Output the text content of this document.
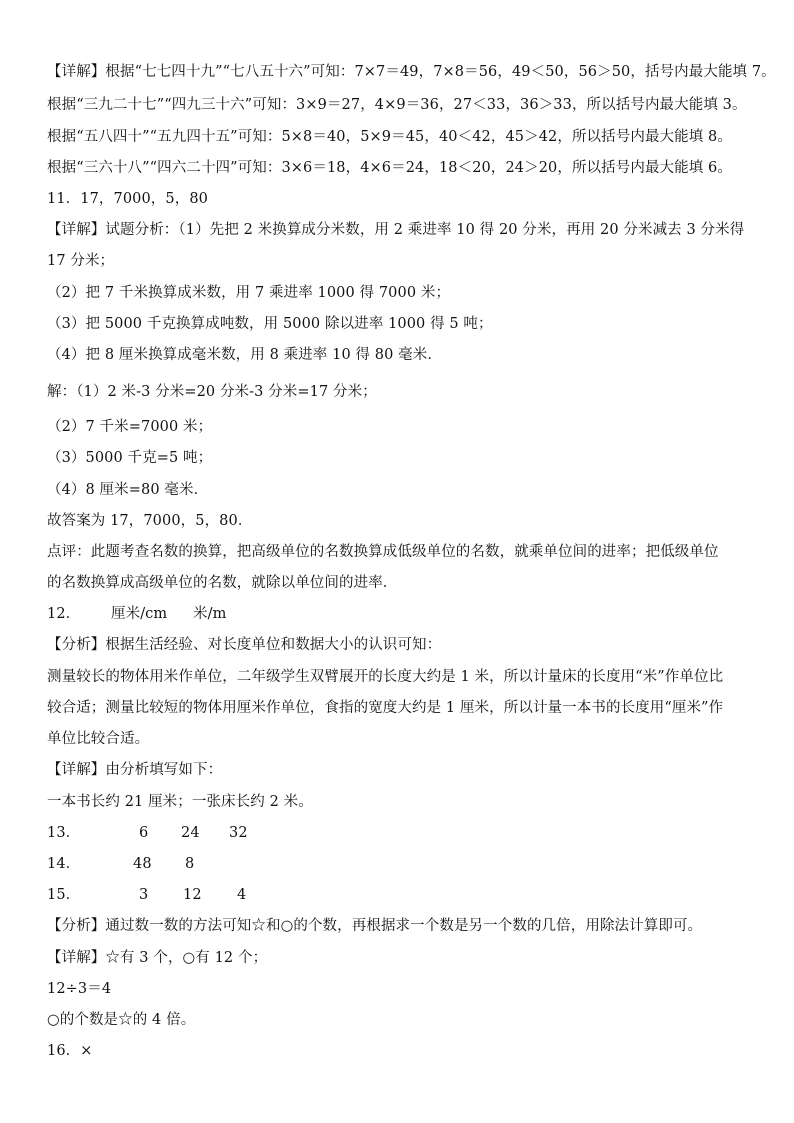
【详解】根据“七七四十九”“七八五十六”可知：7×7＝49，7×8＝56，49＜50，56＞50，括号内最大能填 7。
根据“三九二十七”“四九三十六”可知：3×9＝27，4×9＝36，27＜33，36＞33，所以括号内最大能填 3。
根据“五八四十”“五九四十五”可知：5×8＝40，5×9＝45，40＜42，45＞42，所以括号内最大能填 8。
根据“三六十八”“四六二十四”可知：3×6＝18，4×6＝24，18＜20，24＞20，所以括号内最大能填 6。
11．17，7000，5，80
【详解】试题分析：（1）先把 2 米换算成分米数，用 2 乘进率 10 得 20 分米，再用 20 分米减去 3 分米得
17 分米；
（2）把 7 千米换算成米数，用 7 乘进率 1000 得 7000 米；
（3）把 5000 千克换算成吨数，用 5000 除以进率 1000 得 5 吨；
（4）把 8 厘米换算成毫米数，用 8 乘进率 10 得 80 毫米．
解：（1）2 米-3 分米=20 分米-3 分米=17 分米；
（2）7 千米=7000 米；
（3）5000 千克=5 吨；
（4）8 厘米=80 毫米．
故答案为 17，7000，5，80．
点评：此题考查名数的换算，把高级单位的名数换算成低级单位的名数，就乘单位间的进率；把低级单位
的名数换算成高级单位的名数，就除以单位间的进率．
12． 厘米/cm 米/m
【分析】根据生活经验、对长度单位和数据大小的认识可知：
测量较长的物体用米作单位，二年级学生双臂展开的长度大约是 1 米，所以计量床的长度用“米”作单位比
较合适；测量比较短的物体用厘米作单位，食指的宽度大约是 1 厘米，所以计量一本书的长度用“厘米”作
单位比较合适。
【详解】由分析填写如下：
一本书长约 21 厘米；一张床长约 2 米。
13．	6 24 32
14．	48 8
15．	3 12 4
【分析】通过数一数的方法可知☆和○的个数，再根据求一个数是另一个数的几倍，用除法计算即可。
【详解】☆有 3 个，○有 12 个；
12÷3＝4
○的个数是☆的 4 倍。
16．×
